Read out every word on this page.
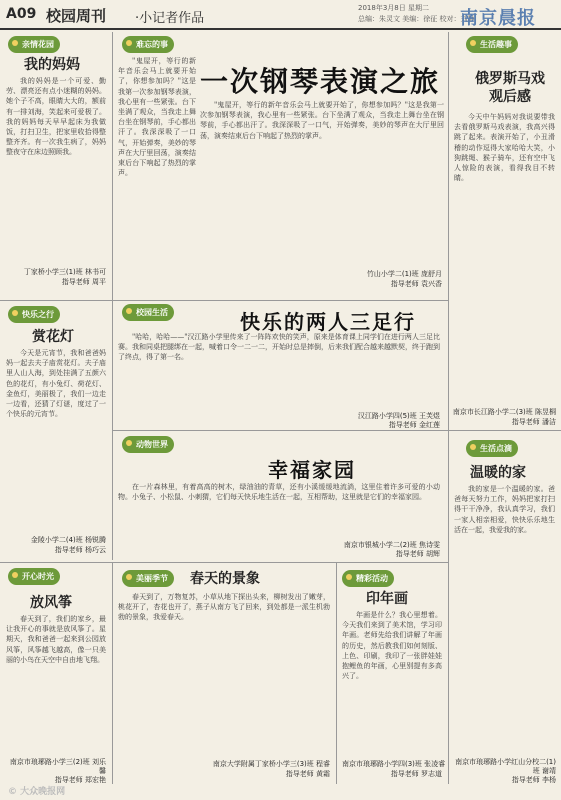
A09 校园周刊 ·小记者作品
2018年3月8日 星期二
总编：朱灵文 美编：徐征 校对：刘静
南京晨报
亲情花园
我的妈妈
我的妈妈是一个可爱、勤劳、漂亮还有点小迷糊的妈妈。她个子不高，眼睛大大的，额前有一排刘海，笑起来可爱极了。我的妈妈每天早早起床为我做饭，打扫卫生，把家里收拾得整整齐齐。有一次我生病了，妈妈整夜守在床边照顾我。
丁家桥小学三(1)班 林书可
指导老师 周平
难忘的事
一次钢琴表演之旅
"鬼屋开，等行的新年音乐会马上就要开始了，你想参加吗？"这是我第一次参加钢琴表演，我心里有一些紧张。台下坐满了观众，当我走上舞台坐在钢琴前，手心都出汗了。我深深吸了一口气，开始弹奏，美妙的琴声在大厅里回荡，演奏结束后台下响起了热烈的掌声。
"鬼屋开，等行的新年音乐会马上就要开始了，你想参加吗？"这是我第一次参加钢琴表演，我心里有一些紧张。台下坐满了观众，当我走上舞台坐在钢琴前，手心都出汗了。我深深吸了一口气，开始弹奏，美妙的琴声在大厅里回荡，演奏结束后台下响起了热烈的掌声。
竹山小学二(1)班 庞舒月
指导老师 袁兴香
生活趣事
俄罗斯马戏观后感
今天中午妈妈对我说要带我去看俄罗斯马戏表演，我高兴得跳了起来。表演开始了，小丑滑稽的动作逗得大家哈哈大笑，小狗跳绳、猴子骑车，还有空中飞人惊险的表演，看得我目不转睛。
南京市长江路小学二(3)班 陈昱桐
指导老师 潘洁
快乐之行
赏花灯
今天是元宵节，我和爸爸妈妈一起去夫子庙赏花灯。夫子庙里人山人海，到处挂满了五颜六色的花灯，有小兔灯、荷花灯、金鱼灯，美丽极了，我们一边走一边看，还猜了灯谜，度过了一个快乐的元宵节。
金陵小学二(4)班 杨锐腾
指导老师 杨巧云
校园生活	快乐的两人三足行
"哈哈，哈哈——"汉江路小学里传来了一阵阵欢快的笑声，原来是体育课上同学们在进行两人三足比赛。我和同桌把腿绑在一起，喊着口令一二一二，开始时总是摔倒，后来我们配合越来越默契，终于跑到了终点，得了第一名。
汉江路小学四(5)班 王芙煜
指导老师 金红莲
动物世界
幸福家园
在一片森林里，有着高高的树木，绿油油的青草，还有小溪缓缓地流淌，这里住着许多可爱的小动物。小兔子、小松鼠、小刺猬，它们每天快乐地生活在一起，互相帮助，这里就是它们的幸福家园。
南京市银城小学二(2)班 焦诗雯
指导老师 胡辉
生活点滴
温暖的家
我的家是一个温暖的家。爸爸每天努力工作，妈妈把家打扫得干干净净，我认真学习，我们一家人相亲相爱，快快乐乐地生活在一起，我爱我的家。
南京市琅琊路小学红山分校二(1)班 谢靖
指导老师 李杨
开心时光
放风筝
春天到了，我们的家乡，最让我开心的事就是放风筝了。星期天，我和爸爸一起来到公园放风筝，风筝越飞越高，像一只美丽的小鸟在天空中自由地飞翔。
南京市琅琊路小学三(2)班 刘乐馨
指导老师 郑宏艳
美丽季节	春天的景象
春天到了，万物复苏，小草从地下探出头来，柳树发出了嫩芽，桃花开了，杏花也开了，燕子从南方飞了回来，到处都是一派生机勃勃的景象，我爱春天。
南京大学附属丁家桥小学三(3)班 程睿
指导老师 黄霜
精彩活动
印年画
年画是什么？我心里想着。今天我们来到了美术馆，学习印年画。老师先给我们讲解了年画的历史，然后教我们如何刻版、上色、印刷，我印了一张胖娃娃抱鲤鱼的年画，心里别提有多高兴了。
南京市琅琊路小学四(3)班 张凌睿
指导老师 罗志道
© 大众晚报网
